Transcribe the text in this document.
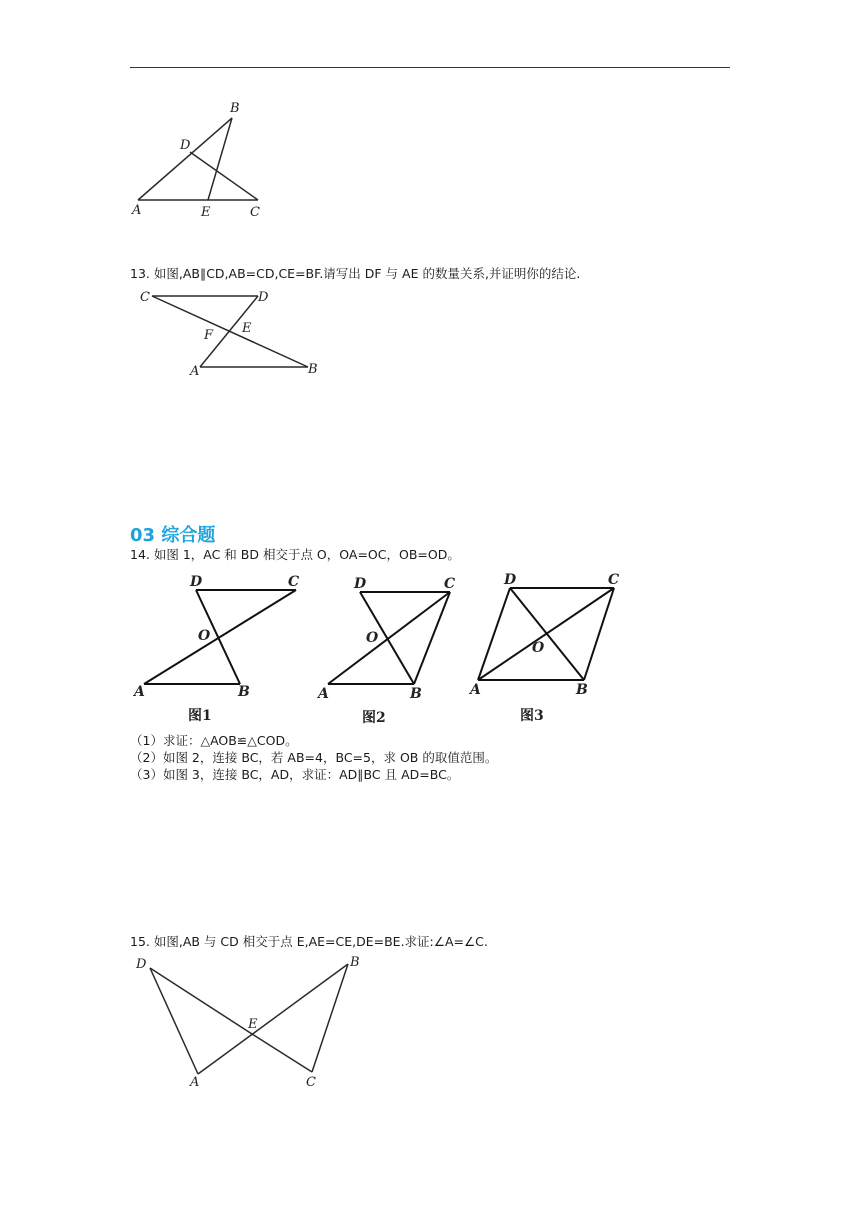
A
B
C
D
E
13. 如图,AB∥CD,AB=CD,CE=BF.请写出 DF 与 AE 的数量关系,并证明你的结论.
C	D
F E
A	B
03 综合题
14. 如图 1，AC 和 BD 相交于点 O，OA=OC，OB=OD。
D	C
O
A	B
图1
D	C
O
A	B
图2
D	C
O
A	B
图3
（1）求证：△AOB≌△COD。
（2）如图 2，连接 BC，若 AB=4，BC=5，求 OB 的取值范围。
（3）如图 3，连接 BC，AD，求证：AD∥BC 且 AD=BC。
15. 如图,AB 与 CD 相交于点 E,AE=CE,DE=BE.求证:∠A=∠C.
D	B
E
A	C
